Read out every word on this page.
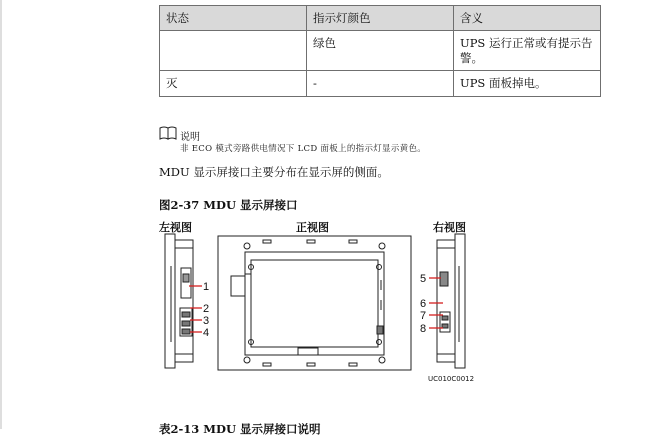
状态	指示灯颜色	含义
	绿色	UPS 运行正常或有提示告警。
灭	-	UPS 面板掉电。
说明
非 ECO 模式旁路供电情况下 LCD 面板上的指示灯显示黄色。
MDU 显示屏接口主要分布在显示屏的侧面。
图2-37 MDU 显示屏接口
左视图	正视图	右视图
1
2
3
4
5
6
7
8
UC010C0012
表2-13 MDU 显示屏接口说明
